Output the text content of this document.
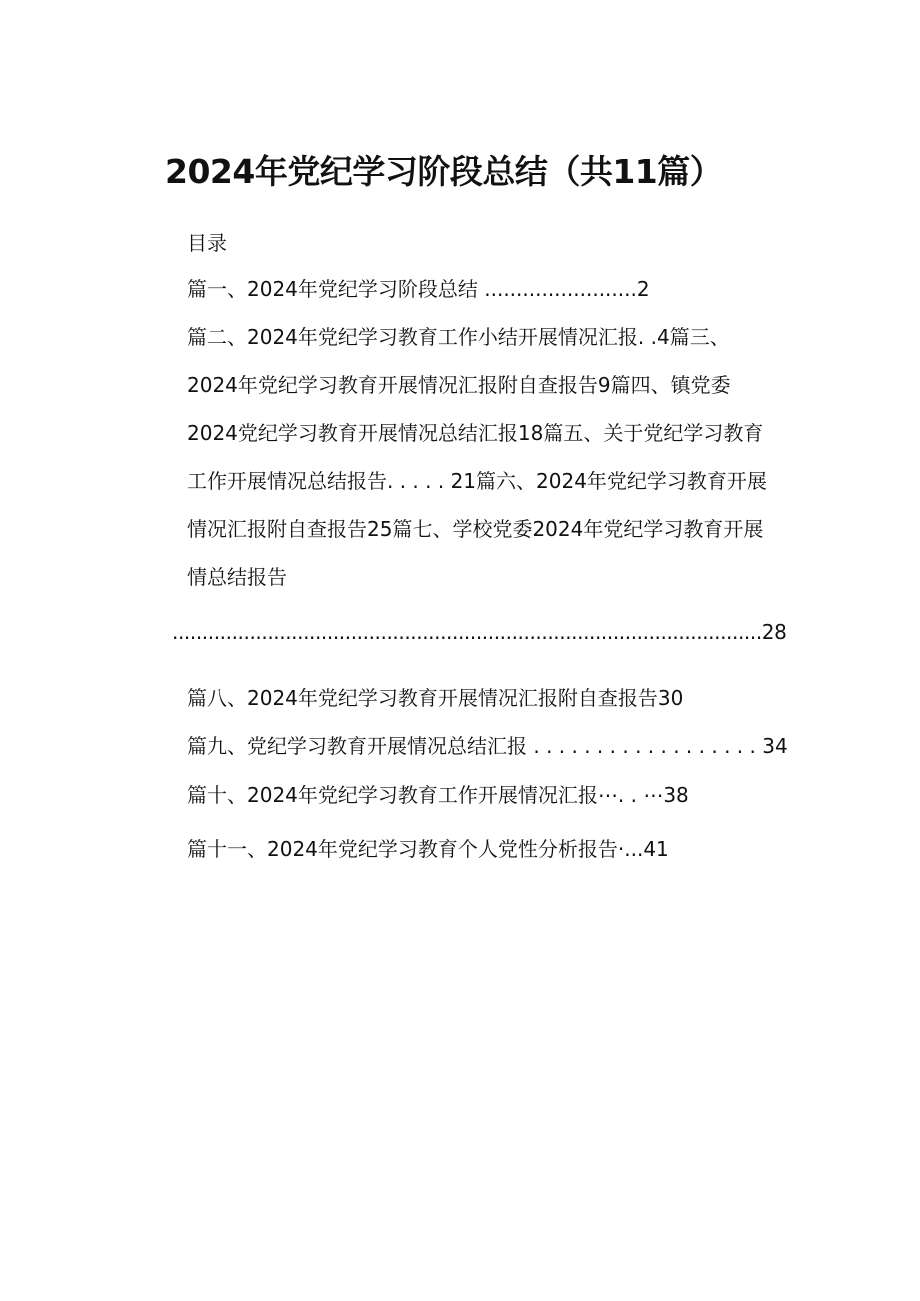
2024年党纪学习阶段总结（共11篇）
目录
篇一、2024年党纪学习阶段总结 ........................2
篇二、2024年党纪学习教育工作小结开展情况汇报. .4篇三、
2024年党纪学习教育开展情况汇报附自查报告9篇四、镇党委
2024党纪学习教育开展情况总结汇报18篇五、关于党纪学习教育
工作开展情况总结报告. . . . . 21篇六、2024年党纪学习教育开展
情况汇报附自查报告25篇七、学校党委2024年党纪学习教育开展
情总结报告
...................................................................................................28
篇八、2024年党纪学习教育开展情况汇报附自查报告30
篇九、党纪学习教育开展情况总结汇报 . . . . . . . . . . . . . . . . . . 34
篇十、2024年党纪学习教育工作开展情况汇报⋯. . ⋯38
篇十一、2024年党纪学习教育个人党性分析报告·...41
